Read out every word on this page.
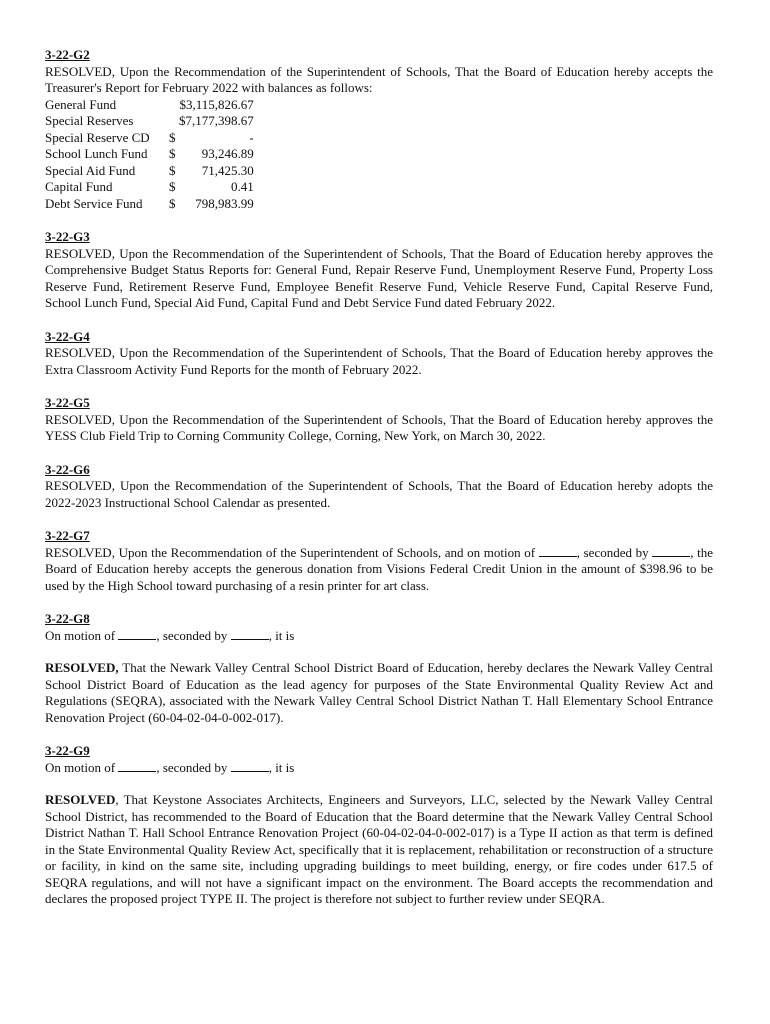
3-22-G2

RESOLVED, Upon the Recommendation of the Superintendent of Schools, That the Board of Education hereby accepts the Treasurer's Report for February 2022 with balances as follows:

General Fund		$3,115,826.67
Special Reserves		$7,177,398.67
Special Reserve CD	$	-
School Lunch Fund	$	93,246.89
Special Aid Fund	$	71,425.30
Capital Fund	$	0.41
Debt Service Fund	$	798,983.99
3-22-G3

RESOLVED, Upon the Recommendation of the Superintendent of Schools, That the Board of Education hereby approves the Comprehensive Budget Status Reports for: General Fund, Repair Reserve Fund, Unemployment Reserve Fund, Property Loss Reserve Fund, Retirement Reserve Fund, Employee Benefit Reserve Fund, Vehicle Reserve Fund, Capital Reserve Fund, School Lunch Fund, Special Aid Fund, Capital Fund and Debt Service Fund dated February 2022.

3-22-G4

RESOLVED, Upon the Recommendation of the Superintendent of Schools, That the Board of Education hereby approves the Extra Classroom Activity Fund Reports for the month of February 2022.

3-22-G5

RESOLVED, Upon the Recommendation of the Superintendent of Schools, That the Board of Education hereby approves the YESS Club Field Trip to Corning Community College, Corning, New York, on March 30, 2022.

3-22-G6

RESOLVED, Upon the Recommendation of the Superintendent of Schools, That the Board of Education hereby adopts the 2022-2023 Instructional School Calendar as presented.

3-22-G7

RESOLVED, Upon the Recommendation of the Superintendent of Schools, and on motion of	, seconded by	, the Board of Education hereby accepts the generous donation from Visions Federal Credit Union in the amount of $398.96 to be used by the High School toward purchasing of a resin printer for art class.

3-22-G8

On motion of	, seconded by	, it is

RESOLVED, That the Newark Valley Central School District Board of Education, hereby declares the Newark Valley Central School District Board of Education as the lead agency for purposes of the State Environmental Quality Review Act and Regulations (SEQRA), associated with the Newark Valley Central School District Nathan T. Hall Elementary School Entrance Renovation Project (60-04-02-04-0-002-017).

3-22-G9

On motion of	, seconded by	, it is

RESOLVED, That Keystone Associates Architects, Engineers and Surveyors, LLC, selected by the Newark Valley Central School District, has recommended to the Board of Education that the Board determine that the Newark Valley Central School District Nathan T. Hall School Entrance Renovation Project (60-04-02-04-0-002-017) is a Type II action as that term is defined in the State Environmental Quality Review Act, specifically that it is replacement, rehabilitation or reconstruction of a structure or facility, in kind on the same site, including upgrading buildings to meet building, energy, or fire codes under 617.5 of SEQRA regulations, and will not have a significant impact on the environment. The Board accepts the recommendation and declares the proposed project TYPE II. The project is therefore not subject to further review under SEQRA.
